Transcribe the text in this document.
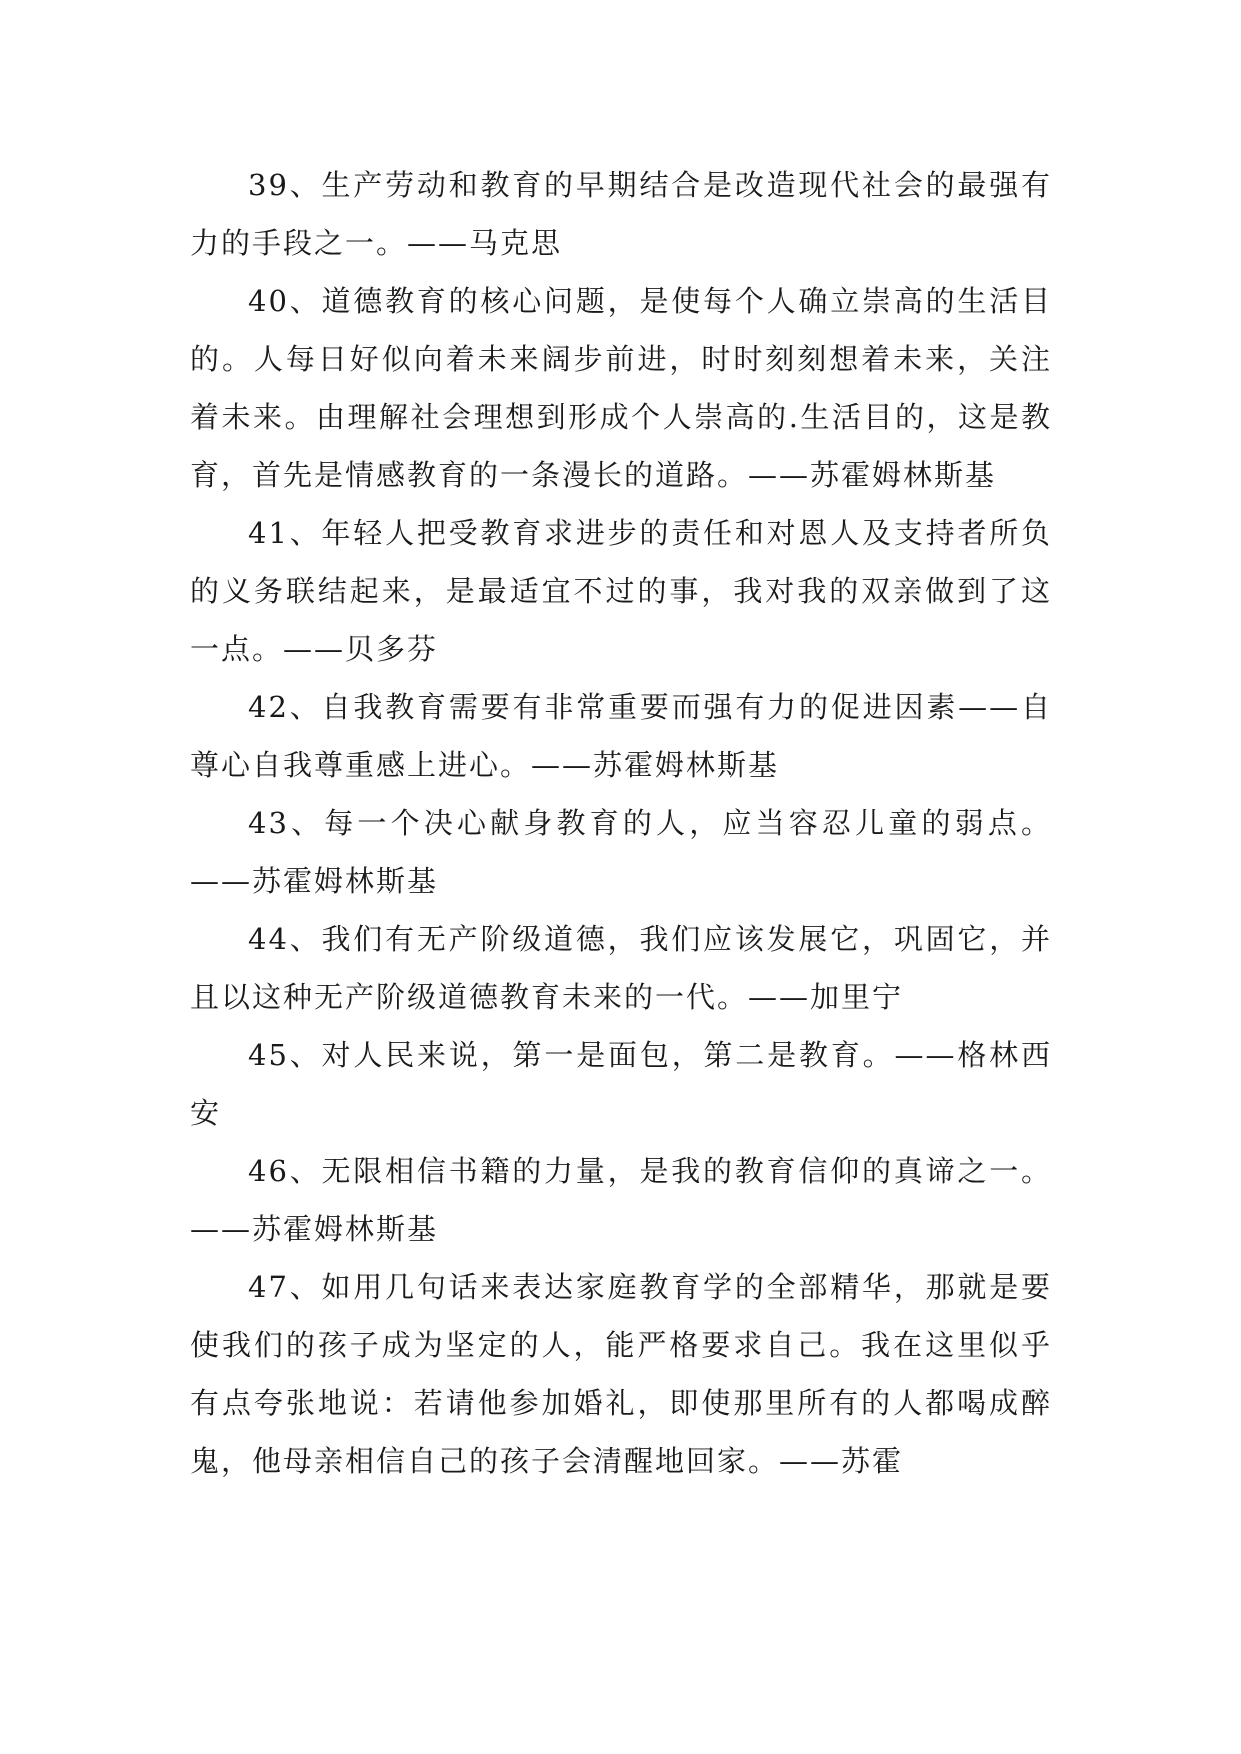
39、生产劳动和教育的早期结合是改造现代社会的最强有力的手段之一。——马克思

40、道德教育的核心问题，是使每个人确立崇高的生活目的。人每日好似向着未来阔步前进，时时刻刻想着未来，关注着未来。由理解社会理想到形成个人崇高的.生活目的，这是教育，首先是情感教育的一条漫长的道路。——苏霍姆林斯基

41、年轻人把受教育求进步的责任和对恩人及支持者所负的义务联结起来，是最适宜不过的事，我对我的双亲做到了这一点。——贝多芬

42、自我教育需要有非常重要而强有力的促进因素——自尊心自我尊重感上进心。——苏霍姆林斯基

43、每一个决心献身教育的人，应当容忍儿童的弱点。——苏霍姆林斯基

44、我们有无产阶级道德，我们应该发展它，巩固它，并且以这种无产阶级道德教育未来的一代。——加里宁

45、对人民来说，第一是面包，第二是教育。——格林西安

46、无限相信书籍的力量，是我的教育信仰的真谛之一。——苏霍姆林斯基

47、如用几句话来表达家庭教育学的全部精华，那就是要使我们的孩子成为坚定的人，能严格要求自己。我在这里似乎有点夸张地说：若请他参加婚礼，即使那里所有的人都喝成醉鬼，他母亲相信自己的孩子会清醒地回家。——苏霍
